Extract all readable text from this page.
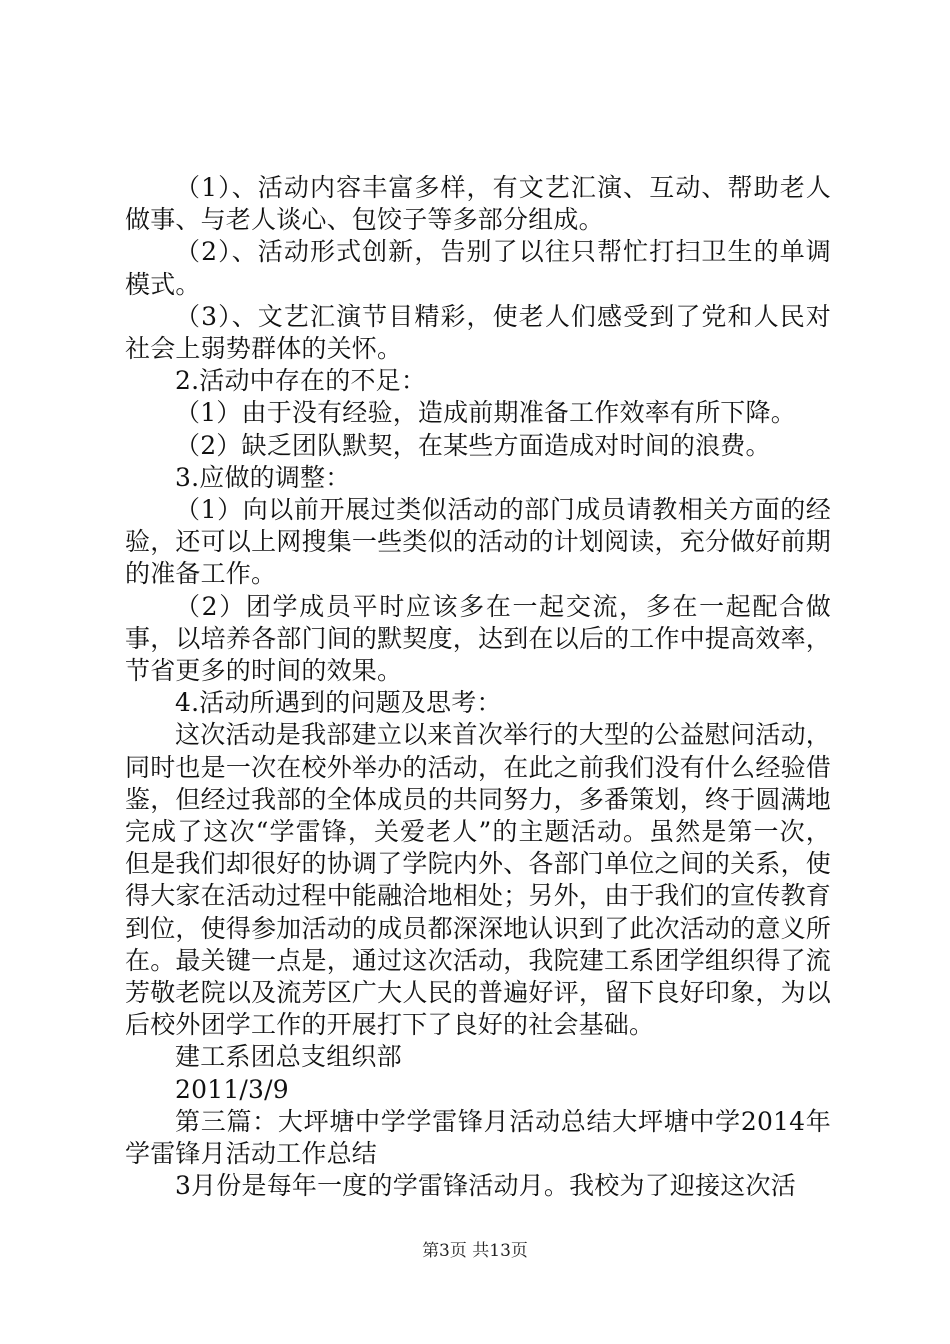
（1）、活动内容丰富多样，有文艺汇演、互动、帮助老人做事、与老人谈心、包饺子等多部分组成。

（2）、活动形式创新，告别了以往只帮忙打扫卫生的单调模式。

（3）、文艺汇演节目精彩，使老人们感受到了党和人民对社会上弱势群体的关怀。

2.活动中存在的不足：

（1）由于没有经验，造成前期准备工作效率有所下降。

（2）缺乏团队默契，在某些方面造成对时间的浪费。

3.应做的调整：

（1）向以前开展过类似活动的部门成员请教相关方面的经验，还可以上网搜集一些类似的活动的计划阅读，充分做好前期的准备工作。

（2）团学成员平时应该多在一起交流，多在一起配合做事，以培养各部门间的默契度，达到在以后的工作中提高效率，节省更多的时间的效果。

4.活动所遇到的问题及思考：

这次活动是我部建立以来首次举行的大型的公益慰问活动，同时也是一次在校外举办的活动，在此之前我们没有什么经验借鉴，但经过我部的全体成员的共同努力，多番策划，终于圆满地完成了这次“学雷锋，关爱老人”的主题活动。虽然是第一次，但是我们却很好的协调了学院内外、各部门单位之间的关系，使得大家在活动过程中能融洽地相处；另外，由于我们的宣传教育到位，使得参加活动的成员都深深地认识到了此次活动的意义所在。最关键一点是，通过这次活动，我院建工系团学组织得了流芳敬老院以及流芳区广大人民的普遍好评，留下良好印象，为以后校外团学工作的开展打下了良好的社会基础。

建工系团总支组织部

2011/3/9

第三篇：大坪塘中学学雷锋月活动总结大坪塘中学2014年学雷锋月活动工作总结

3月份是每年一度的学雷锋活动月。我校为了迎接这次活

第3页 共13页
